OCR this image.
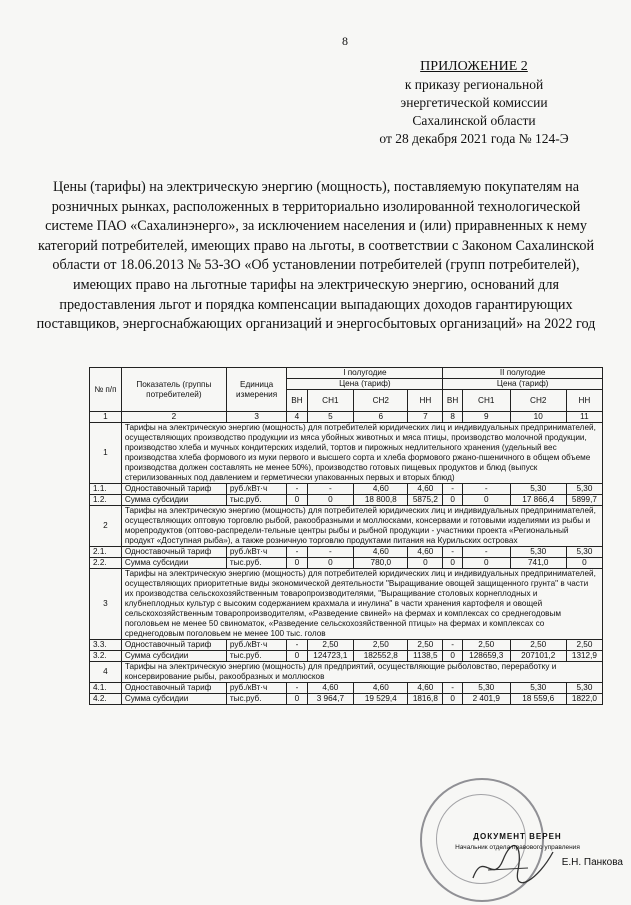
8
ПРИЛОЖЕНИЕ 2
к приказу региональной
энергетической комиссии
Сахалинской области
от 28 декабря 2021 года № 124-Э
Цены (тарифы) на электрическую энергию (мощность), поставляемую покупателям на розничных рынках, расположенных в территориально изолированной технологической системе ПАО «Сахалинэнерго», за исключением населения и (или) приравненных к нему категорий потребителей, имеющих право на льготы, в соответствии с Законом Сахалинской области от 18.06.2013 № 53-ЗО «Об установлении потребителей (групп потребителей), имеющих право на льготные тарифы на электрическую энергию, оснований для предоставления льгот и порядка компенсации выпадающих доходов гарантирующих поставщиков, энергоснабжающих организаций и энергосбытовых организаций» на 2022 год
№ п/п	Показатель (группы потребителей)	Единица измерения	I полугодие				II полугодие			
			Цена (тариф)				Цена (тариф)			
			ВН	СН1	СН2	НН	ВН	СН1	СН2	НН
1	2	3	4	5	6	7	8	9	10	11
1	Тарифы на электрическую энергию (мощность) для потребителей юридических лиц и индивидуальных предпринимателей, осуществляющих производство продукции из мяса убойных животных и мяса птицы, производство молочной продукции, производство хлеба и мучных кондитерских изделий, тортов и пирожных недлительного хранения (удельный вес производства хлеба формового из муки первого и высшего сорта и хлеба формового ржано-пшеничного в общем объеме производства должен составлять не менее 50%), производство готовых пищевых продуктов и блюд (выпуск стерилизованных под давлением и герметически упакованных первых и вторых блюд)									
1.1.	Одноставочный тариф	руб./кВт·ч	-	-	4,60	4,60	-	-	5,30	5,30
1.2.	Сумма субсидии	тыс.руб.	0	0	18 800,8	5875,2	0	0	17 866,4	5899,7
2	Тарифы на электрическую энергию (мощность) для потребителей юридических лиц и индивидуальных предпринимателей, осуществляющих оптовую торговлю рыбой, ракообразными и моллюсками, консервами и готовыми изделиями из рыбы и морепродуктов (оптово-распредели-тельные центры рыбы и рыбной продукции - участники проекта «Региональный продукт «Доступная рыба»), а также розничную торговлю продуктами питания на Курильских островах									
2.1.	Одноставочный тариф	руб./кВт·ч	-	-	4,60	4,60	-	-	5,30	5,30
2.2.	Сумма субсидии	тыс.руб.	0	0	780,0	0	0	0	741,0	0
3	Тарифы на электрическую энергию (мощность) для потребителей юридических лиц и индивидуальных предпринимателей, осуществляющих приоритетные виды экономической деятельности "Выращивание овощей защищенного грунта" в части их производства сельскохозяйственным товаропроизводителями, "Выращивание столовых корнеплодных и клубнеплодных культур с высоким содержанием крахмала и инулина" в части хранения картофеля и овощей сельскохозяйственным товаропроизводителям, «Разведение свиней» на фермах и комплексах со среднегодовым поголовьем не менее 50 свиноматок, «Разведение сельскохозяйственной птицы» на фермах и комплексах со среднегодовым поголовьем не менее 100 тыс. голов									
3.3.	Одноставочный тариф	руб./кВт·ч	-	2,50	2,50	2,50	-	2,50	2,50	2,50
3.2.	Сумма субсидии	тыс.руб.	0	124723,1	182552,8	1138,5	0	128659,3	207101,2	1312,9
4	Тарифы на электрическую энергию (мощность) для предприятий, осуществляющие рыболовство, переработку и консервирование рыбы, ракообразных и моллюсков									
4.1.	Одноставочный тариф	руб./кВт·ч	-	4,60	4,60	4,60	-	5,30	5,30	5,30
4.2.	Сумма субсидии	тыс.руб.	0	3 964,7	19 529,4	1816,8	0	2 401,9	18 559,6	1822,0
ДОКУМЕНТ ВЕРЕН
Начальник отдела правового управления
Е.Н. Панкова
